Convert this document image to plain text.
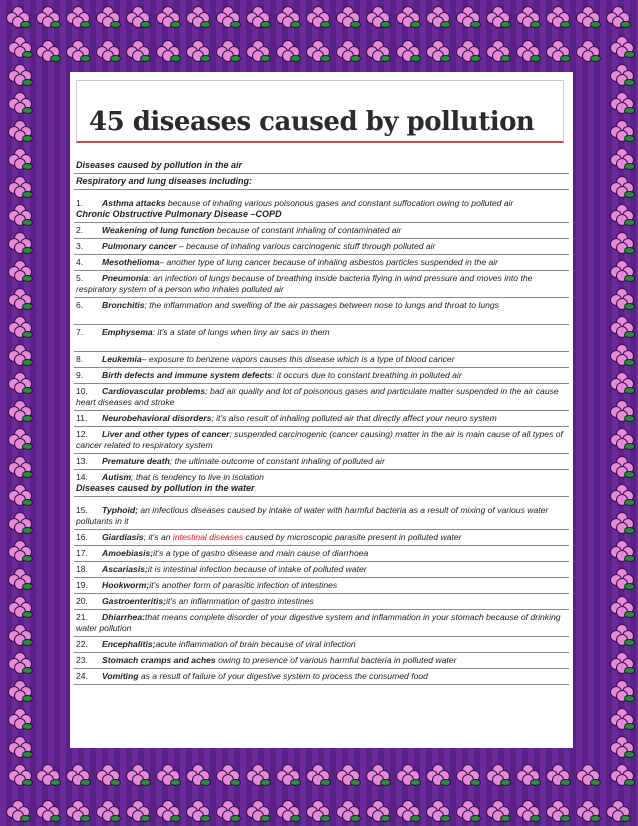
45 diseases caused by pollution
Diseases caused by pollution in the air
Respiratory and lung diseases including:
1. Asthma attacks because of inhaling various poisonous gases and constant suffocation owing to polluted air
Chronic Obstructive Pulmonary Disease –COPD
2. Weakening of lung function because of constant inhaling of contaminated air
3. Pulmonary cancer – because of inhaling various carcinogenic stuff through polluted air
4. Mesothelioma– another type of lung cancer because of inhaling asbestos particles suspended in the air
5. Pneumonia: an infection of lungs because of breathing inside bacteria flying in wind pressure and moves into the respiratory system of a person who inhales polluted air
6. Bronchitis; the inflammation and swelling of the air passages between nose to lungs and throat to lungs
7. Emphysema: it's a state of lungs when tiny air sacs in them
8. Leukemia– exposure to benzene vapors causes this disease which is a type of blood cancer
9. Birth defects and immune system defects: it occurs due to constant breathing in polluted air
10. Cardiovascular problems; bad air quality and lot of poisonous gases and particulate matter suspended in the air cause heart diseases and stroke
11. Neurobehavioral disorders; it's also result of inhaling polluted air that directly affect your neuro system
12. Liver and other types of cancer; suspended carcinogenic (cancer causing) matter in the air is main cause of all types of cancer related to respiratory system
13. Premature death; the ultimate outcome of constant inhaling of polluted air
14. Autism; that is tendency to live in isolation
Diseases caused by pollution in the water
15. Typhoid; an infectious diseases caused by intake of water with harmful bacteria as a result of mixing of various water pollutants in it
16. Giardiasis; it's an intestinal diseases caused by microscopic parasite present in polluted water
17. Amoebiasis;it's a type of gastro disease and main cause of diarrhoea
18. Ascariasis;it is intestinal infection because of intake of polluted water
19. Hookworm;it's another form of parasitic infection of intestines
20. Gastroenteritis;it's an inflammation of gastro intestines
21. Dhiarrhea:that means complete disorder of your digestive system and inflammation in your stomach because of drinking water pollution
22. Encephalitis;acute inflammation of brain because of viral infection
23. Stomach cramps and aches owing to presence of various harmful bacteria in polluted water
24. Vomiting as a result of failure of your digestive system to process the consumed food
